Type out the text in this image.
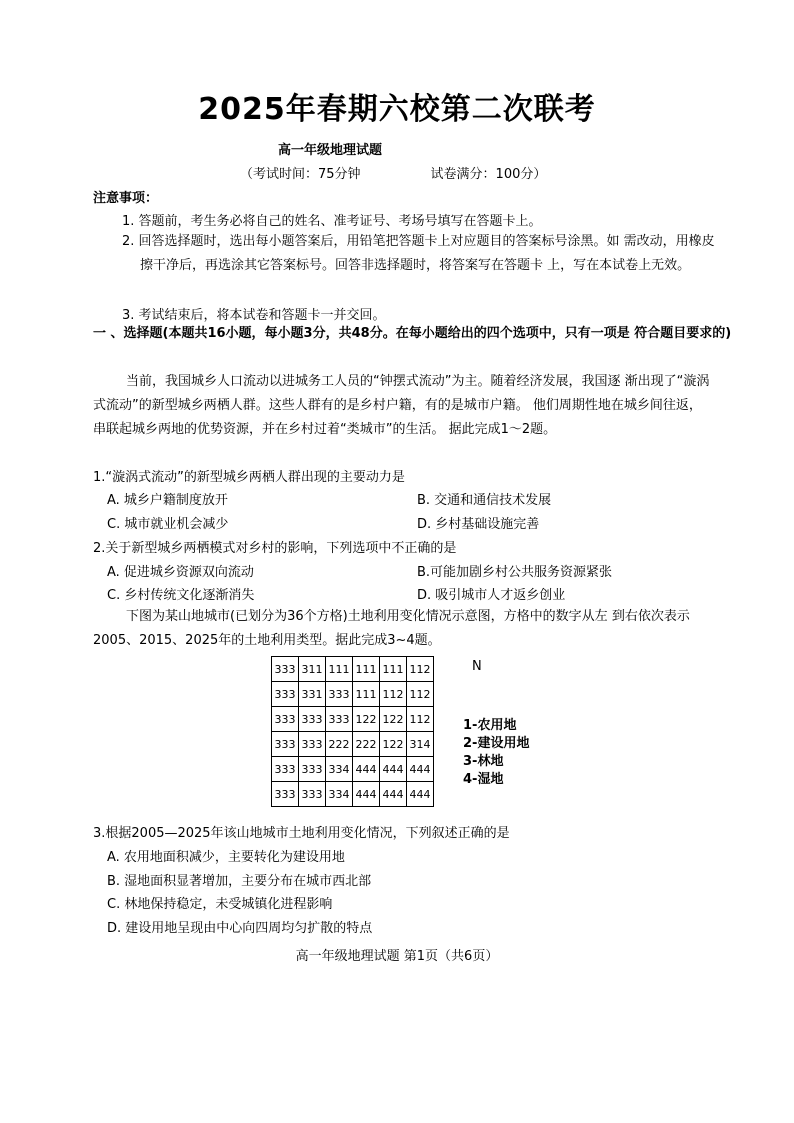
2025年春期六校第二次联考
高一年级地理试题
（考试时间：75分钟	试卷满分：100分）
注意事项：
1. 答题前，考生务必将自己的姓名、准考证号、考场号填写在答题卡上。
2. 回答选择题时，选出每小题答案后，用铅笔把答题卡上对应题目的答案标号涂黑。如 需改动，用橡皮擦干净后，再选涂其它答案标号。回答非选择题时，将答案写在答题卡 上，写在本试卷上无效。
3. 考试结束后，将本试卷和答题卡一并交回。
一 、选择题(本题共16小题，每小题3分，共48分。在每小题给出的四个选项中，只有一项是 符合题目要求的)
当前，我国城乡人口流动以进城务工人员的“钟摆式流动”为主。随着经济发展，我国逐 渐出现了“漩涡式流动”的新型城乡两栖人群。这些人群有的是乡村户籍，有的是城市户籍。 他们周期性地在城乡间往返，串联起城乡两地的优势资源，并在乡村过着“类城市”的生活。 据此完成1～2题。
1.“漩涡式流动”的新型城乡两栖人群出现的主要动力是
A. 城乡户籍制度放开	B. 交通和通信技术发展
C. 城市就业机会减少	D. 乡村基础设施完善
2.关于新型城乡两栖模式对乡村的影响，下列选项中不正确的是
A. 促进城乡资源双向流动	B.可能加剧乡村公共服务资源紧张
C. 乡村传统文化逐渐消失	D. 吸引城市人才返乡创业
下图为某山地城市(已划分为36个方格)土地利用变化情况示意图，方格中的数字从左 到右依次表示2005、2015、2025年的土地利用类型。据此完成3~4题。
333	311	111	111	111	112
333	331	333	111	112	112
333	333	333	122	122	112
333	333	222	222	122	314
333	333	334	444	444	444
333	333	334	444	444	444
N
1-农用地
2-建设用地
3-林地
4-湿地
3.根据2005—2025年该山地城市土地利用变化情况，下列叙述正确的是
A. 农用地面积减少，主要转化为建设用地
B. 湿地面积显著增加，主要分布在城市西北部
C. 林地保持稳定，未受城镇化进程影响
D. 建设用地呈现由中心向四周均匀扩散的特点
高一年级地理试题 第1页（共6页）
